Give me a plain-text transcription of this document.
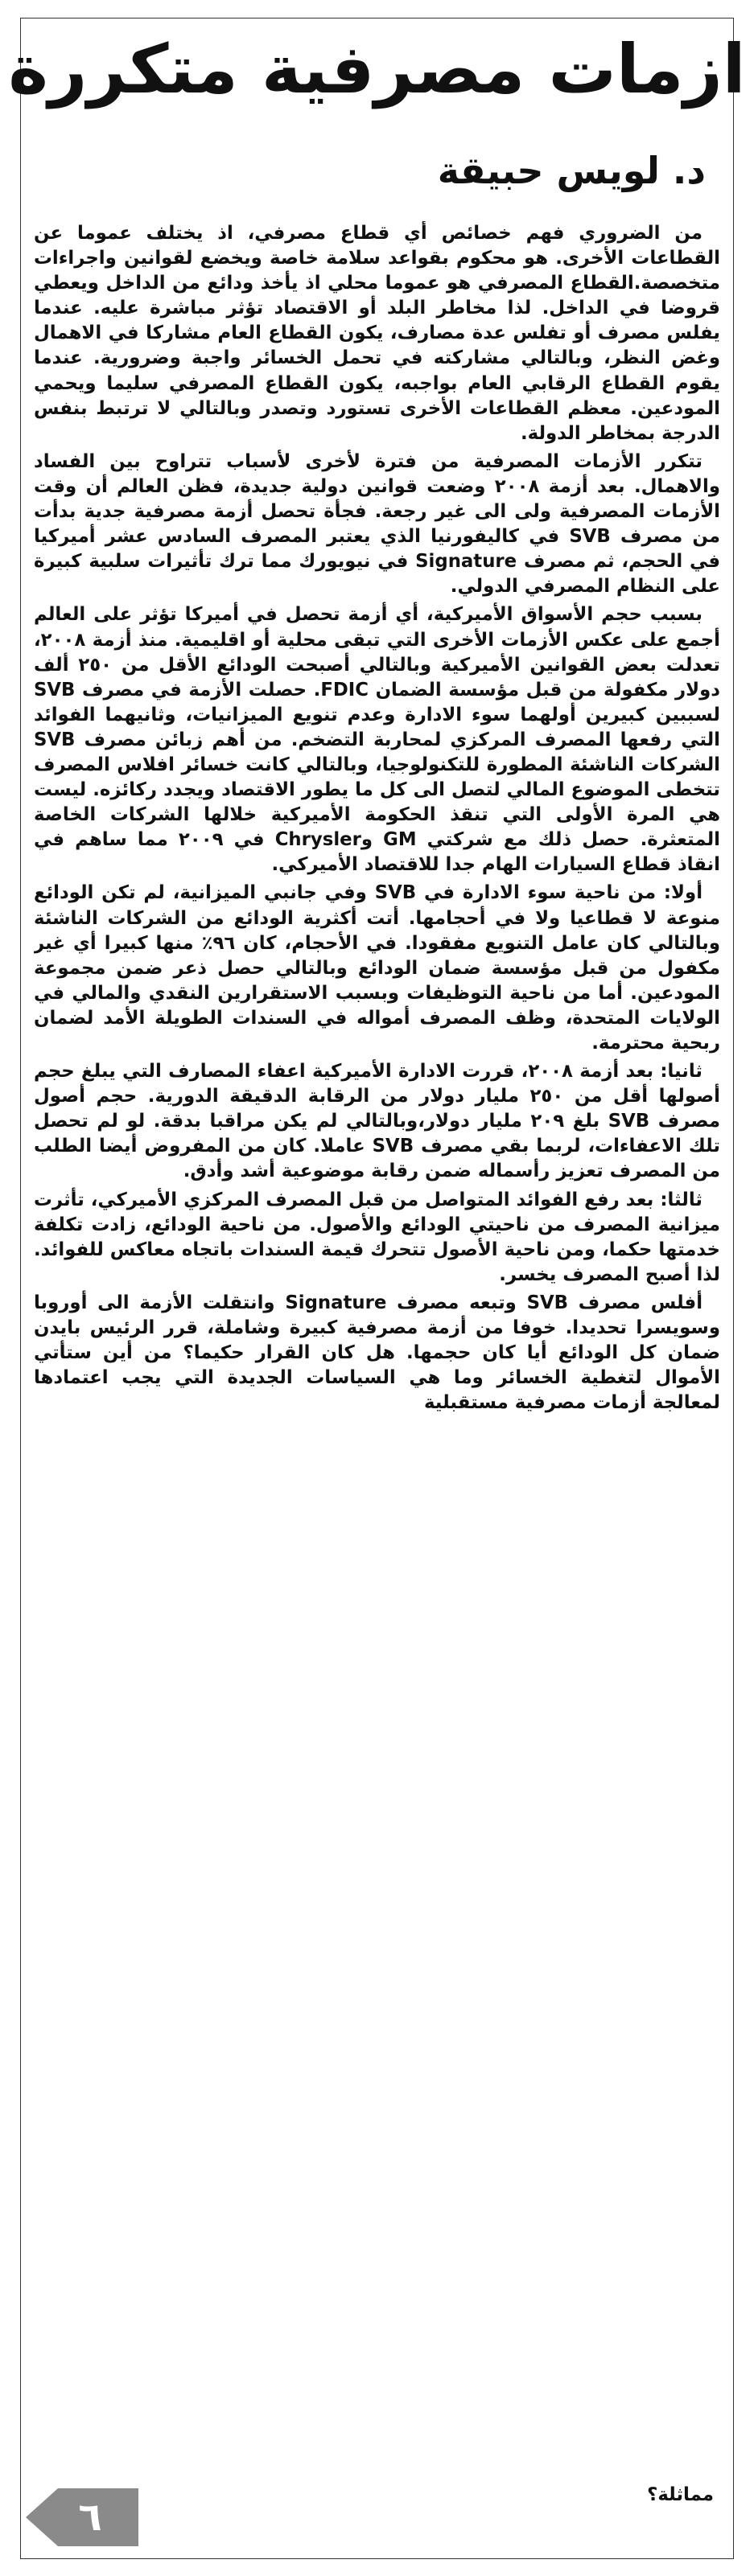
ازمات مصرفية متكررة
د. لويس حبيقة

من الضروري فهم خصائص أي قطاع مصرفي، اذ يختلف عموما عن القطاعات الأخرى. هو محكوم بقواعد سلامة خاصة ويخضع لقوانين واجراءات متخصصة.القطاع المصرفي هو عموما محلي اذ يأخذ ودائع من الداخل ويعطي قروضا في الداخل. لذا مخاطر البلد أو الاقتصاد تؤثر مباشرة عليه. عندما يفلس مصرف أو تفلس عدة مصارف، يكون القطاع العام مشاركا في الاهمال وغض النظر، وبالتالي مشاركته في تحمل الخسائر واجبة وضرورية. عندما يقوم القطاع الرقابي العام بواجبه، يكون القطاع المصرفي سليما ويحمي المودعين. معظم القطاعات الأخرى تستورد وتصدر وبالتالي لا ترتبط بنفس الدرجة بمخاطر الدولة.

تتكرر الأزمات المصرفية من فترة لأخرى لأسباب تتراوح بين الفساد والاهمال. بعد أزمة ٢٠٠٨ وضعت قوانين دولية جديدة، فظن العالم أن وقت الأزمات المصرفية ولى الى غير رجعة. فجأة تحصل أزمة مصرفية جدية بدأت من مصرف SVB في كاليفورنيا الذي يعتبر المصرف السادس عشر أميركيا في الحجم، ثم مصرف Signature في نيويورك مما ترك تأثيرات سلبية كبيرة على النظام المصرفي الدولي.

بسبب حجم الأسواق الأميركية، أي أزمة تحصل في أميركا تؤثر على العالم أجمع على عكس الأزمات الأخرى التي تبقى محلية أو اقليمية. منذ أزمة ٢٠٠٨، تعدلت بعض القوانين الأميركية وبالتالي أصبحت الودائع الأقل من ٢٥٠ ألف دولار مكفولة من قبل مؤسسة الضمان FDIC. حصلت الأزمة في مصرف SVB لسببين كبيرين أولهما سوء الادارة وعدم تنويع الميزانيات، وثانيهما الفوائد التي رفعها المصرف المركزي لمحاربة التضخم. من أهم زبائن مصرف SVB الشركات الناشئة المطورة للتكنولوجيا، وبالتالي كانت خسائر افلاس المصرف تتخطى الموضوع المالي لتصل الى كل ما يطور الاقتصاد ويجدد ركائزه. ليست هي المرة الأولى التي تنقذ الحكومة الأميركية خلالها الشركات الخاصة المتعثرة. حصل ذلك مع شركتي GM وChrysler في ٢٠٠٩ مما ساهم في انقاذ قطاع السيارات الهام جدا للاقتصاد الأميركي.

أولا: من ناحية سوء الادارة في SVB وفي جانبي الميزانية، لم تكن الودائع منوعة لا قطاعيا ولا في أحجامها. أتت أكثرية الودائع من الشركات الناشئة وبالتالي كان عامل التنويع مفقودا. في الأحجام، كان ٩٦٪ منها كبيرا أي غير مكفول من قبل مؤسسة ضمان الودائع وبالتالي حصل ذعر ضمن مجموعة المودعين. أما من ناحية التوظيفات وبسبب الاستقرارين النقدي والمالي في الولايات المتحدة، وظف المصرف أمواله في السندات الطويلة الأمد لضمان ربحية محترمة.

ثانيا: بعد أزمة ٢٠٠٨، قررت الادارة الأميركية اعفاء المصارف التي يبلغ حجم أصولها أقل من ٢٥٠ مليار دولار من الرقابة الدقيقة الدورية. حجم أصول مصرف SVB بلغ ٢٠٩ مليار دولار،وبالتالي لم يكن مراقبا بدقة. لو لم تحصل تلك الاعفاءات، لربما بقي مصرف SVB عاملا. كان من المفروض أيضا الطلب من المصرف تعزيز رأسماله ضمن رقابة موضوعية أشد وأدق.

ثالثا: بعد رفع الفوائد المتواصل من قبل المصرف المركزي الأميركي، تأثرت ميزانية المصرف من ناحيتي الودائع والأصول. من ناحية الودائع، زادت تكلفة خدمتها حكما، ومن ناحية الأصول تتحرك قيمة السندات باتجاه معاكس للفوائد. لذا أصبح المصرف يخسر.

أفلس مصرف SVB وتبعه مصرف Signature وانتقلت الأزمة الى أوروبا وسويسرا تحديدا. خوفا من أزمة مصرفية كبيرة وشاملة، قرر الرئيس بايدن ضمان كل الودائع أيا كان حجمها. هل كان القرار حكيما؟ من أين ستأتي الأموال لتغطية الخسائر وما هي السياسات الجديدة التي يجب اعتمادها لمعالجة أزمات مصرفية مستقبلية

مماثلة؟
٦
